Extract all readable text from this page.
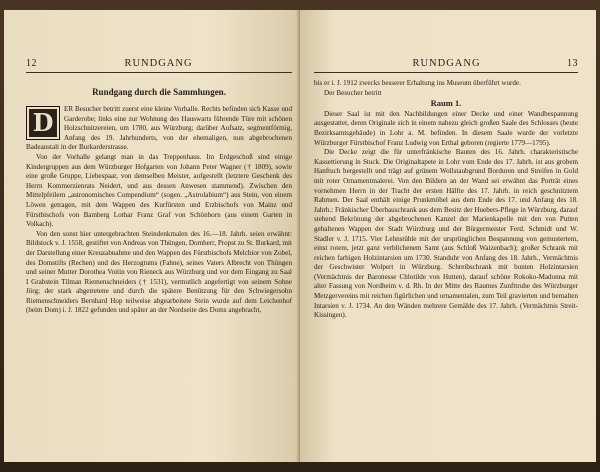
12	RUNDGANG
Rundgang durch die Sammlungen.
D	ER Besucher betritt zuerst eine kleine Vorhalle. Rechts befinden sich Kasse und Garderobe; links eine zur Wohnung des Hauswarts führende Türe mit schönen Holzschnitzereien, um 1780, aus Würzburg; darüber Aufsatz, segmentförmig, Anfang des 19. Jahrhunderts, von der ehemaligen, nun abgebrochenen Badeanstalt in der Burkarderstrasse.

Von der Vorhalle gelangt man in das Treppenhaus. Im Erdgeschoß sind einige Kindergruppen aus dem Würzburger Hofgarten von Johann Peter Wagner († 1809), sowie eine große Gruppe, Liebespaar, von demselben Meister, aufgestellt (letztere Geschenk des Herrn Kommerzienrats Neidert, und aus dessen Anwesen stammend). Zwischen den Mittelpfeilern „astronomisches Compendium“ (sogen. „Astrolabium“) aus Stein, von einem Löwen getragen, mit dem Wappen des Kurfürsten und Erzbischofs von Mainz und Fürstbischofs von Bamberg Lothar Franz Graf von Schönborn (aus einem Garten in Volkach).

Von den sonst hier untergebrachten Steindenkmalen des 16.—18. Jahrh. seien erwähnt: Bildstock v. J. 1558, gestiftet von Andreas von Thüngen, Domherr, Propst zu St. Burkard, mit der Darstellung einer Kreuzabnahme und den Wappen des Fürstbischofs Melchior von Zobel, des Domstifts (Rechen) und des Herzogtums (Fahne), seines Vaters Albrecht von Thüngen und seiner Mutter Dorothea Voitin von Rieneck aus Würzburg und vor dem Eingang zu Saal I Grabstein Tilman Riemenschneiders († 1531), vermutlich angefertigt von seinem Sohne Jörg; der stark abgetretene und durch die spätere Benützung für den Schwiegersohn Riemenschneiders Bernhard Hop teilweise abgearbeitete Stein wurde auf dem Leichenhof (beim Dom) i. J. 1822 gefunden und später an der Nordseite des Doms angebracht,

RUNDGANG	13

bis er i. J. 1912 zwecks besserer Erhaltung ins Museum überführt wurde.

Der Besucher betritt

Raum 1.

Dieser Saal ist mit den Nachbildungen einer Decke und einer Wandbespannung ausgestattet, deren Originale sich in einem nahezu gleich großen Saale des Schlosses (heute Bezirksamtsgebäude) in Lohr a. M. befinden. In diesem Saale wurde der vorletzte Würzburger Fürstbischof Franz Ludwig von Erthal geboren (regierte 1779—1795).

Die Decke zeigt die für unterfränkische Bauten des 16. Jahrh. charakteristische Kassettierung in Stuck. Die Originaltapete in Lohr vom Ende des 17. Jahrh. ist aus grobem Hanftuch hergestellt und trägt auf grünem Wollstaubgrund Borduren und Streifen in Gold mit roter Ornamentmalerei. Von den Bildern an der Wand sei erwähnt das Porträt eines vornehmen Herrn in der Tracht der ersten Hälfte des 17. Jahrh. in reich geschnitztem Rahmen. Der Saal enthält einige Prunkmöbel aus dem Ende des 17. und Anfang des 18. Jahrh.: Fränkischer Überbauschrank aus dem Besitz der Huebers-Pflege in Würzburg, darauf stehend Bekrönung der abgebrochenen Kanzel der Marienkapelle mit den von Putten gehaltenen Wappen der Stadt Würzburg und der Bürgermeister Ferd. Schmidt und W. Stadler v. J. 1715. Vier Lehnstühle mit der ursprünglichen Bespannung von gemustertem, einst rotem, jetzt ganz verblichenem Samt (aus Schloß Waizenbach); großer Schrank mit reichen farbigen Holzintarsien um 1730. Standuhr von Anfang des 18. Jahrh., Vermächtnis der Geschwister Wolpert in Würzburg. Schreibschrank mit bunten Holzintarsien (Vermächtnis der Baronesse Chlotilde von Hutten), darauf schöne Rokoko-Madonna mit alter Fassung von Nordheim v. d. Rh. In der Mitte des Raumes Zunfttruhe des Würzburger Metzgervereins mit reichen figürlichen und ornamentalen, zum Teil gravierten und bemalten Intarsien v. J. 1734. An den Wänden mehrere Gemälde des 17. Jahrh. (Vermächtnis Streit-Kissingen).
